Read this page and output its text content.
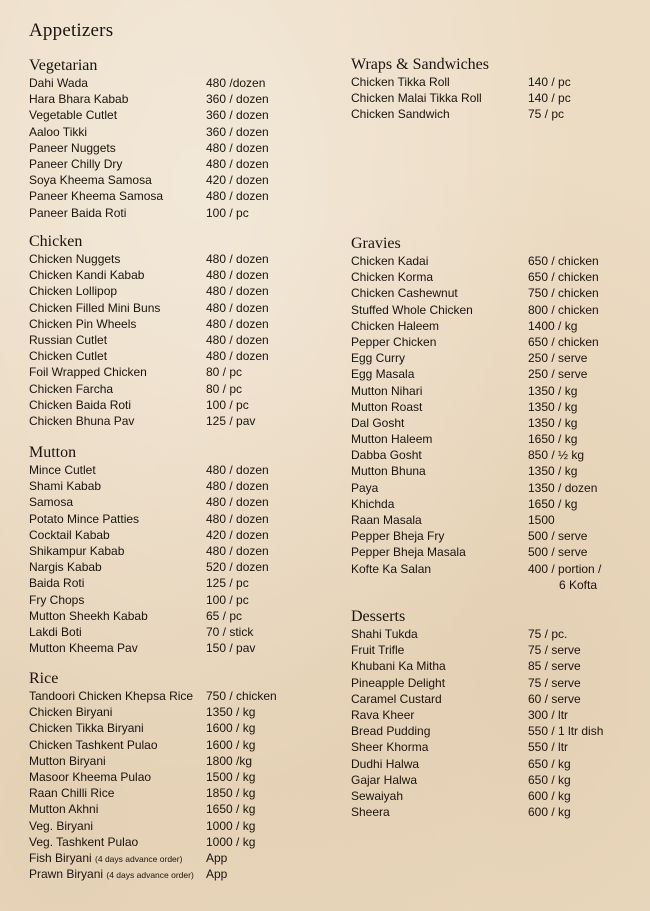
Appetizers
Vegetarian
Dahi Wada	480 /dozen
Hara Bhara Kabab	360 / dozen
Vegetable Cutlet	360 / dozen
Aaloo Tikki	360 / dozen
Paneer Nuggets	480 / dozen
Paneer Chilly Dry	480 / dozen
Soya Kheema Samosa	420 / dozen
Paneer Kheema Samosa	480 / dozen
Paneer Baida Roti	100 / pc
Chicken
Chicken Nuggets	480 / dozen
Chicken Kandi Kabab	480 / dozen
Chicken Lollipop	480 / dozen
Chicken Filled Mini Buns	480 / dozen
Chicken Pin Wheels	480 / dozen
Russian Cutlet	480 / dozen
Chicken Cutlet	480 / dozen
Foil Wrapped Chicken	80 / pc
Chicken Farcha	80 / pc
Chicken Baida Roti	100 / pc
Chicken Bhuna Pav	125 / pav
Mutton
Mince Cutlet	480 / dozen
Shami Kabab	480 / dozen
Samosa	480 / dozen
Potato Mince Patties	480 / dozen
Cocktail Kabab	420 / dozen
Shikampur Kabab	480 / dozen
Nargis Kabab	520 / dozen
Baida Roti	125 / pc
Fry Chops	100 / pc
Mutton Sheekh Kabab	65 / pc
Lakdi Boti	70 / stick
Mutton Kheema Pav	150 / pav
Rice
Tandoori Chicken Khepsa Rice	750 / chicken
Chicken Biryani	1350 / kg
Chicken Tikka Biryani	1600 / kg
Chicken Tashkent Pulao	1600 / kg
Mutton Biryani	1800 /kg
Masoor Kheema Pulao	1500 / kg
Raan Chilli Rice	1850 / kg
Mutton Akhni	1650 / kg
Veg. Biryani	1000 / kg
Veg. Tashkent Pulao	1000 / kg
Fish Biryani (4 days advance order)	App
Prawn Biryani (4 days advance order)	App
Wraps & Sandwiches
Chicken Tikka Roll	140 / pc
Chicken Malai Tikka Roll	140 / pc
Chicken Sandwich	75 / pc
Gravies
Chicken Kadai	650 / chicken
Chicken Korma	650 / chicken
Chicken Cashewnut	750 / chicken
Stuffed Whole Chicken	800 / chicken
Chicken Haleem	1400 / kg
Pepper Chicken	650 / chicken
Egg Curry	250 / serve
Egg Masala	250 / serve
Mutton Nihari	1350 / kg
Mutton Roast	1350 / kg
Dal Gosht	1350 / kg
Mutton Haleem	1650 / kg
Dabba Gosht	850 / ½ kg
Mutton Bhuna	1350 / kg
Paya	1350 / dozen
Khichda	1650 / kg
Raan Masala	1500
Pepper Bheja Fry	500 / serve
Pepper Bheja Masala	500 / serve
Kofte Ka Salan	400 / portion /
6 Kofta
Desserts
Shahi Tukda	75 / pc.
Fruit Trifle	75 / serve
Khubani Ka Mitha	85 / serve
Pineapple Delight	75 / serve
Caramel Custard	60 / serve
Rava Kheer	300 / ltr
Bread Pudding	550 / 1 ltr dish
Sheer Khorma	550 / ltr
Dudhi Halwa	650 / kg
Gajar Halwa	650 / kg
Sewaiyah	600 / kg
Sheera	600 / kg
